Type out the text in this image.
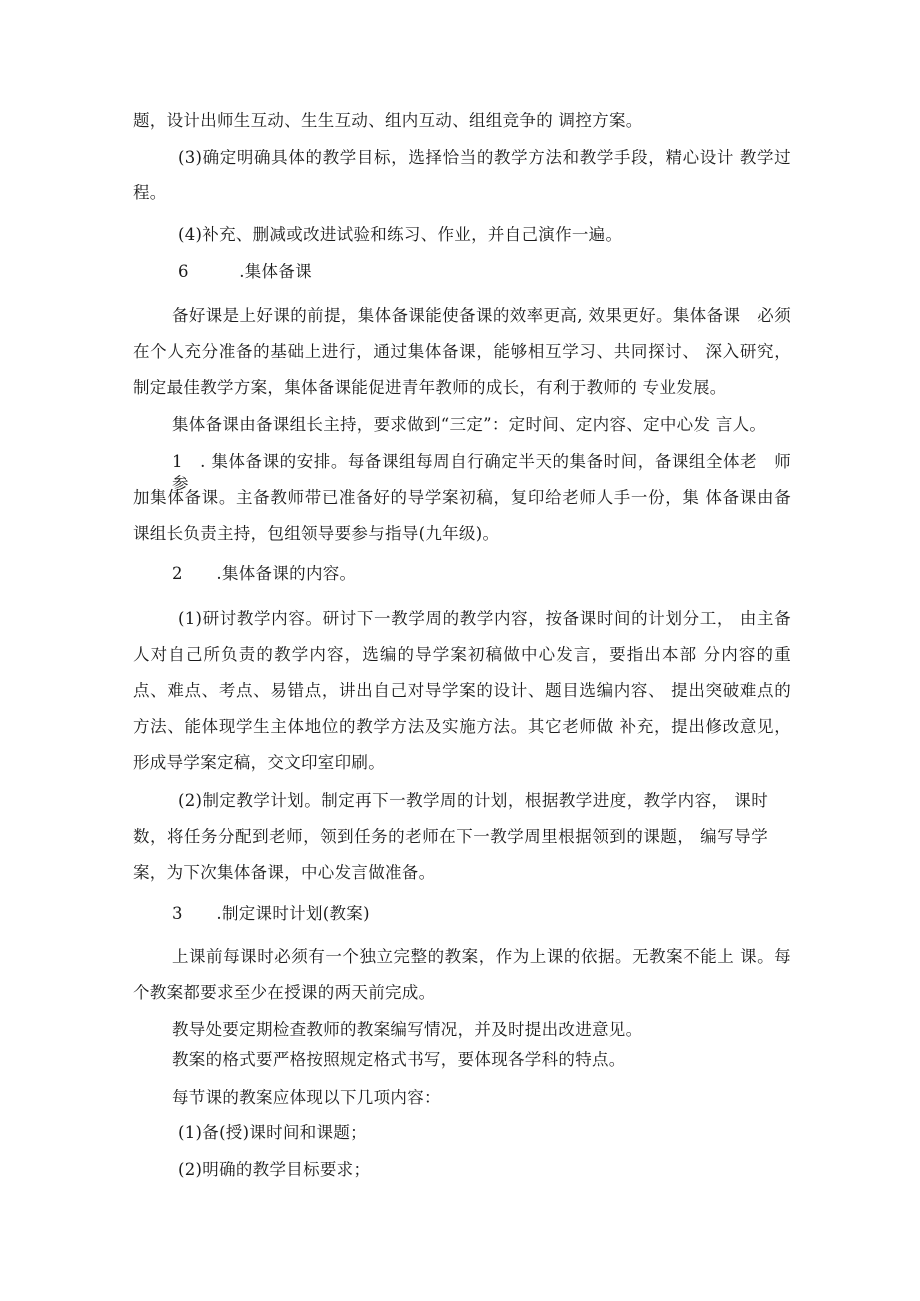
题，设计出师生互动、生生互动、组内互动、组组竞争的 调控方案。
(3)确定明确具体的教学目标，选择恰当的教学方法和教学手段，精心设计 教学过
程。
(4)补充、删减或改进试验和练习、作业，并自己演作一遍。
6　　　.集体备课
备好课是上好课的前提，集体备课能使备课的效率更高, 效果更好。集体备课　必须
在个人充分准备的基础上进行，通过集体备课，能够相互学习、共同探讨、 深入研究，
制定最佳教学方案，集体备课能促进青年教师的成长，有利于教师的 专业发展。
集体备课由备课组长主持，要求做到“三定”：定时间、定内容、定中心发 言人。
1　. 集体备课的安排。每备课组每周自行确定半天的集备时间，备课组全体老　师参
加集体备课。主备教师带已准备好的导学案初稿，复印给老师人手一份，集 体备课由备
课组长负责主持，包组领导要参与指导(九年级)。
2　　.集体备课的内容。
(1)研讨教学内容。研讨下一教学周的教学内容，按备课时间的计划分工， 由主备
人对自己所负责的教学内容，选编的导学案初稿做中心发言，要指出本部 分内容的重
点、难点、考点、易错点，讲出自己对导学案的设计、题目选编内容、 提出突破难点的
方法、能体现学生主体地位的教学方法及实施方法。其它老师做 补充，提出修改意见，
形成导学案定稿，交文印室印刷。
(2)制定教学计划。制定再下一教学周的计划，根据教学进度，教学内容， 课时
数，将任务分配到老师，领到任务的老师在下一教学周里根据领到的课题， 编写导学
案，为下次集体备课，中心发言做准备。
3　　.制定课时计划(教案)
上课前每课时必须有一个独立完整的教案，作为上课的依据。无教案不能上 课。每
个教案都要求至少在授课的两天前完成。
教导处要定期检查教师的教案编写情况，并及时提出改进意见。
教案的格式要严格按照规定格式书写，要体现各学科的特点。
每节课的教案应体现以下几项内容：
(1)备(授)课时间和课题；
(2)明确的教学目标要求；
